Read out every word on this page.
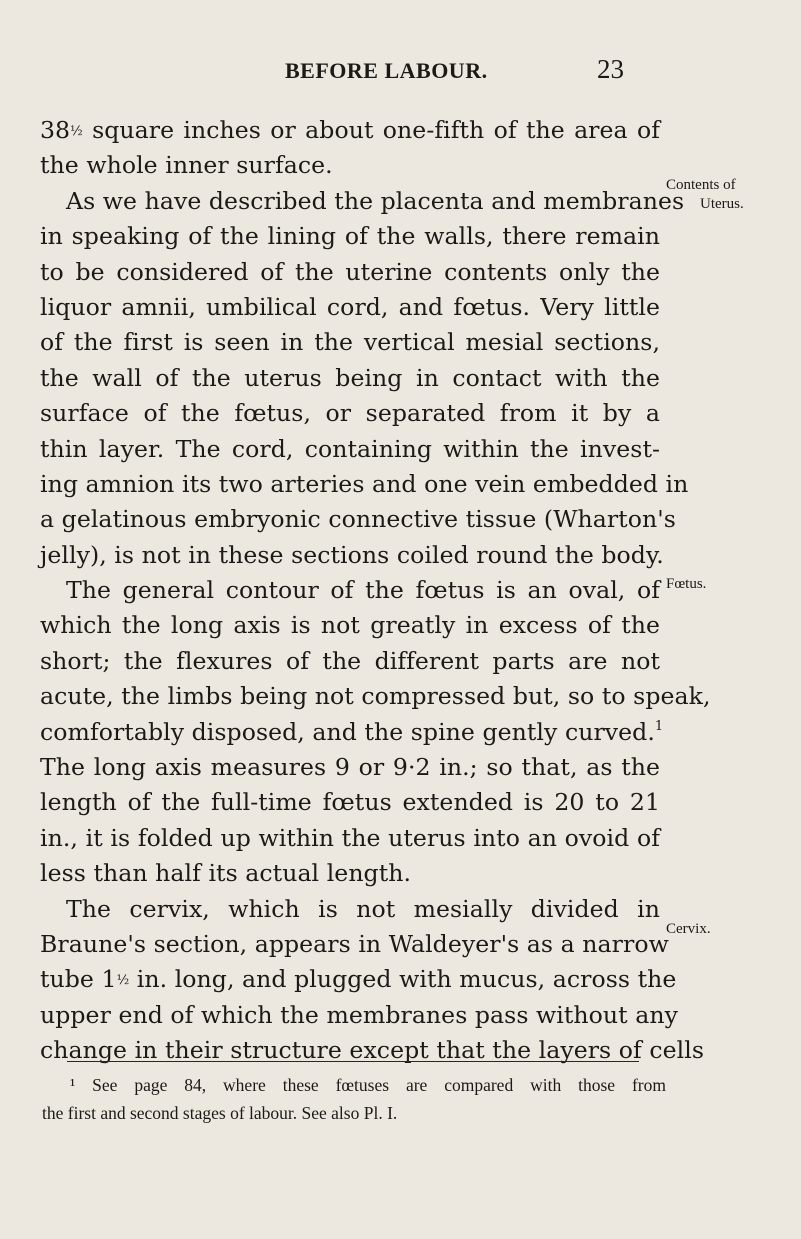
BEFORE LABOUR.	23
38½ square inches or about one-fifth of the area of
the whole inner surface.
As we have described the placenta and membranes
in speaking of the lining of the walls, there remain
to be considered of the uterine contents only the
liquor amnii, umbilical cord, and fœtus. Very little
of the first is seen in the vertical mesial sections,
the wall of the uterus being in contact with the
surface of the fœtus, or separated from it by a
thin layer. The cord, containing within the invest-
ing amnion its two arteries and one vein embedded in
a gelatinous embryonic connective tissue (Wharton's
jelly), is not in these sections coiled round the body.
The general contour of the fœtus is an oval, of
which the long axis is not greatly in excess of the
short; the flexures of the different parts are not
acute, the limbs being not compressed but, so to speak,
comfortably disposed, and the spine gently curved.$^1$
The long axis measures 9 or 9·2 in.; so that, as the
length of the full-time fœtus extended is 20 to 21
in., it is folded up within the uterus into an ovoid of
less than half its actual length.
The cervix, which is not mesially divided in
Braune's section, appears in Waldeyer's as a narrow
tube 1½ in. long, and plugged with mucus, across the
upper end of which the membranes pass without any
change in their structure except that the layers of cells
Contents of
Uterus.
Fœtus.
Cervix.
¹ See page 84, where these fœtuses are compared with those from
the first and second stages of labour. See also Pl. I.
